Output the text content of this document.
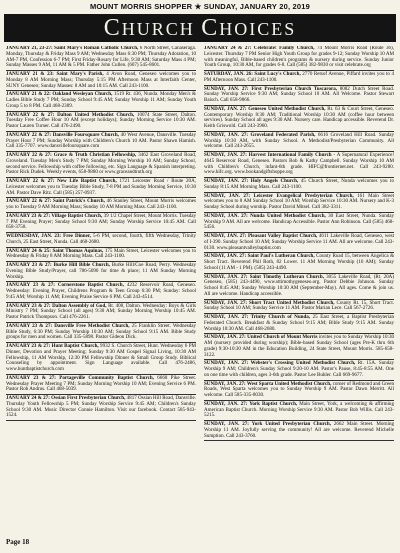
MOUNT MORRIS SHOPPER ★ SUNDAY, JANUARY 20, 2019
CHURCH CHOICES

JANUARY 21, 23-27: Saint Mary's Roman Catholic Church, 6 North Street, Canaseraga. Monday, Thursday & Friday Mass 9 AM; Wednesday Mass 6:30 PM; Thursday Adoration, 10 AM-7 PM, Confession 6-7 PM; First Friday-Rosary for Life, 9:30 AM; Saturday Mass 4 PM; Sunday Masses 9 AM, 11 AM & 5 PM. Father John Cullen. (607) 545-8601.

JANUARY 21 & 23: Saint Mary's Parish, 4 Avon Road, Geneseo welcomes you to Monday 8 AM Morning Mass; Thursday 5:15 PM Afternoon Mass at Interfaith Center, SUNY Geneseo; Sunday Masses: 8 AM and 10:15 AM. Call 243-1100.

JANUARY 21 & 22: Oakland Wesleyan Church, 1519 Rt. 436, Nunda. Monday Men's & Ladies Bible Study 7 PM; Sunday School 9:45 AM; Sunday Worship 11 AM; Sunday Youth Group 5 to 8 PM. Call 468-2389.

JANUARY 22 & 27: Dalton United Methodist Church, 10074 State Street, Dalton. Tuesday Free Coffee Hour 10 AM (except holidays); Sunday Morning Service 10:30 AM. Pastor Lauren Turner. Call 476-2490.

JANUARY 22 & 27: Dansville Foursquare Church, 40 West Avenue, Dansville. Tuesday Prayer Hour 7 PM; Sunday Worship with Children's Church 10 AM. Pastor Shawn Hamish. Call 335-7707. www.dansvillefoursquare.com

JANUARY 22 & 27: Grace & Truth Christian Fellowship, 3462 East Groveland Road, Groveland. Tuesday Men's Study 7 PM; Sunday Morning Worship 10 AM; Sunday School, second service. Fellowship with coffee following, etc. Sign Language & Spanish interpreting. Pastor Rick Dudek. Weekly events, 658-9880 or www.graceandtruth.org

JANUARY 22 & 27: New Life Baptist Church, 1721 Leicester Road / Route 20A, Leicester welcomes you to Tuesday Bible Study, 7-8 PM and Sunday Morning Service, 10:30 AM. Pastor Dave Ritz. Call (585) 257-0937.

JANUARY 22 & 27: Saint Patrick's Church, 46 Stanley Street, Mount Morris welcomes you to Tuesday 9 AM Morning Mass; Sunday 10 AM Morning Mass. Call 243-1100.

JANUARY 23 & 27: Village Baptist Church, 39 1/2 Chapel Street, Mount Morris. Tuesday 7 PM Evening Prayer; Sunday School 9:30 AM; Sunday Worship Service 10:45 AM. Call 658-3758.

WEDNESDAY, JAN. 23: Free Dinner, 5-6 PM, second, fourth, fifth Wednesday, Trinity Church, 25 East Street, Nunda. Call 468-2680.

JANUARY 24 & 25: Saint Thomas Aquinas, 175 Main Street, Leicester welcomes you to Wednesday & Friday 8 AM Morning Mass. Call 243-1100.

JANUARY 23 & 27: Burke Hill Bible Church, Burke Hill/Coe Road, Perry. Wednesday Evening Bible Study/Prayer, call 786-5090 for time & place; 11 AM Sunday Morning Worship.

JANUARY 23 & 27: Cornerstone Baptist Church, 4232 Reservoir Road, Geneseo. Wednesday: Evening Prayer, Childrens Program & Teen Group 6:30 PM; Sunday: School 9:45 AM; Worship 11 AM; Evening Praise Service 6 PM. Call 243-4514.

JANUARY 23 & 27: Dalton Assembly of God, Rt. 408, Dalton. Wednesday: Boys & Girls Ministry 7 PM; Sunday School (all ages) 9:30 AM; Sunday Morning Worship 10:45 AM. Pastor Patrick Thompson. Call 476-2261.

JANUARY 23 & 27: Dansville Free Methodist Church, 25 Franklin Street. Wednesday Bible Study, 6:30 PM; Sunday Worship 10:30 AM; Sunday School 9:15 AM. Bible Study groups for men and women. Call 335-5898. Pastor Gideon Dick.

JANUARY 23 & 27: Hunt Baptist Church, 9932 S. Church Street, Hunt. Wednesday 6 PM Dinner, Devotion and Prayer Meeting; Sunday 9:30 AM Gospel Signal Living, 10:30 AM Fellowship, 11 AM Worship, 12:30 PM Fellowship Dinner & Small Group Study. Biblical Counseling by appointment. Sign Language available. Call 476-2486, www.huntbaptistchurch.com

JANUARY 23 & 27: Portageville Community Baptist Church, 6668 Pike Street. Wednesday Prayer Meeting 7 PM; Sunday Morning Worship 10 AM; Evening Service 6 PM. Pastor Rob Andrus. Call 468-5039.

JANUARY 24 & 27: Ossian First Presbyterian Church, 4817 Ossian Hill Road, Dansville. Thursday Youth Fellowship 5 PM; Sunday Worship Service 9:45 AM; Children's Sunday School 9:30 AM. Music Director Connie Hamilton. Visit our facebook. Contact 585-943-1524.

JANUARY 24 & 27: Celebrate! Family Church, 74 Mount Morris Road (Route 36), Leicester. Thursday 7 PM Senior High Youth Group for grades 9-12; Sunday Worship 10 AM with meaningful, Bible-based children's programs & nursery during service. Sunday Junior Youth Group, 10:30 AM, for grades 6-8. Call (585) 382-9830 or visit celebrate.org

SATURDAY, JAN. 26: Saint Lucy's Church, 2770 Retsof Avenue, Piffard invites you to 4 PM Afternoon Mass. Call 243-1100.

SUNDAY, JAN. 27: First Presbyterian Church Tuscarora, 8082 Dutch Street Road. Sunday Worship Service 9:30 AM; Sunday School 10 AM. All Welcome. Pastor Stewart Baisch. Call 658-9866.

SUNDAY, JAN. 27: Geneseo United Methodist Church, Rt. 63 & Court Street, Geneseo. Contemporary Worship 8:30 AM; Traditional Worship 10:30 AM (coffee hour between services). Sunday School all ages 9:30 AM. Nursery care. Handicap accessible. Reverend Dr. Keith Griswold. Call 243-3960.

SUNDAY, JAN. 27: Groveland Federated Parish, 6616 Groveland Hill Road. Sunday Worship 10:30 AM, with Sunday School. A Methodist/Presbyterian Community. All welcome. Call 243-2655.

SUNDAY, JAN. 27: Harvest International Family Church - A Supernatural Experience! 4645 Reservoir Road, Geneseo. Pastors Bob & Kathy Campbell. Sunday Worship 10 AM with Children's Church, infant-6th grade. HIFC@frontiernet.net. Call 243-9280. www.hifc.org. www.bookandgiftshoppe.org

SUNDAY, JAN. 27: Holy Angels Church, 45 Church Street, Nunda welcomes you to Sunday 8:15 AM Morning Mass. Call 243-1100.

SUNDAY, JAN. 27: Leicester Evangelical Presbyterian Church, 161 Main Street welcomes you to 8 AM Sunday School 10 AM; Worship Service 10:30 AM. Nursery and K-3 Sunday School during worship. Pastor David Mitsel. Call 382-3311.

SUNDAY, JAN. 27: Nunda United Methodist Church, 30 East Street, Nunda. Sunday Worship 9 AM. All are welcome. Handicap Accessible. Pastor Ann Robinson. Call (585) 468-5456.

SUNDAY, JAN. 27: Pleasant Valley Baptist Church, 4611 Lakeville Road, Geneseo, west of I-390. Sunday School 10 AM; Sunday Worship Service 11 AM. All are welcome. Call 243-0130. www.pleasantvalleybaptist.com

SUNDAY, JAN. 27: Saint Paul's Lutheran Church, County Road 15, between Angelica & Short Tract. Reverend Phil Roth, 82 Lower. 11 AM Morning Worship (10 AM); Sunday School (11 AM - 1 PM). (585) 243-4490.

SUNDAY, JAN. 27: Saint Timothy Lutheran Church, 3055 Lakeville Road, (Rt. 20A) Geneseo, (585) 243-4490, www.sttimothygeneseo.org. Pastor Debbie Johnson. Sunday School 8:45 AM; Sunday Worship 10:30 AM (September-May). All ages. Come & join us. All are welcome. Handicap accessible.

SUNDAY, JAN. 27: Short Tract United Methodist Church, County Rt. 15, Short Tract. Sunday School 10 AM; Sunday Service 11 AM. Pastor Marian Lece. Call 567-2726.

SUNDAY, JAN. 27: Trinity Church of Nunda, 25 East Street, a Baptist Presbyterian Federated Church. Breakfast & Sunday School 9:15 AM; Bible Study 9:15 AM. Sunday Worship 10:30 AM. Call 468-2680.

SUNDAY, JAN. 27: United Church of Mount Morris invites you to Sunday Worship 10:30 AM (nursery provided during worship); Bible-based Sunday School (ages Pre-K thru 6th grade) 9:30-10:30 AM in the Education Building, 24 State Street, Mount Morris. 585-658-3122.

SUNDAY, JAN. 27: Webster's Crossing United Methodist Church, Rt. 15A. Sunday Worship 9 AM; Children's Sunday School 9:20-10 AM. Pastor's Pause, 8:45-8:55 AM. One on one time with children, ages 3-6th grade. Pastor Lee Buhler. Call 669-9677.

SUNDAY, JAN. 27: West Sparta United Methodist Church, corner of Redmond and Green Roads, West Sparta welcomes you to Sunday Worship 9 AM. Pastor Dawn Merritt. All welcome. Call 585-335-8030.

SUNDAY, JAN. 27: York Baptist Church, Main Street, York, a welcoming & affirming American Baptist Church. Morning Worship Service 9:30 AM. Pastor Bob Willis. Call 243-5215.

SUNDAY, JAN. 27: York United Presbyterian Church, 2662 Main Street. Morning Worship 11 AM. Joyfully serving the community! All are welcome. Reverend Michelle Sumption. Call 243-3760.

Page 18
